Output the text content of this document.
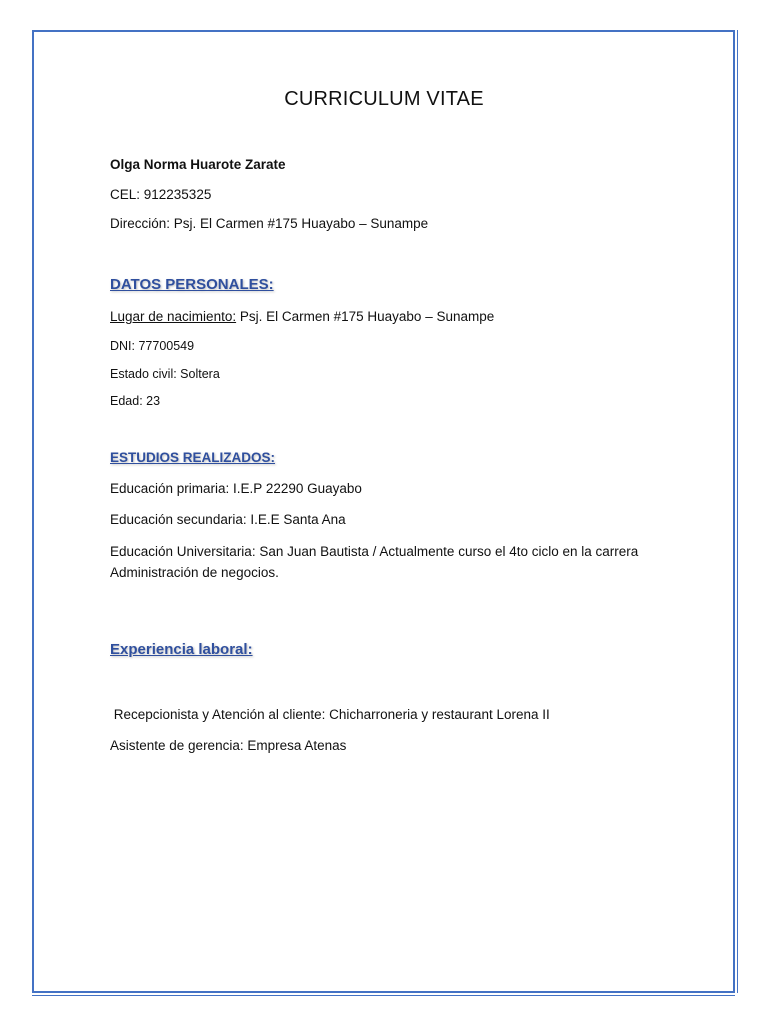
CURRICULUM VITAE
Olga Norma Huarote Zarate
CEL: 912235325
Dirección: Psj. El Carmen #175 Huayabo – Sunampe
DATOS PERSONALES:
Lugar de nacimiento: Psj. El Carmen #175 Huayabo – Sunampe
DNI: 77700549
Estado civil: Soltera
Edad: 23
ESTUDIOS REALIZADOS:
Educación primaria: I.E.P 22290 Guayabo
Educación secundaria: I.E.E Santa Ana
Educación Universitaria: San Juan Bautista / Actualmente curso el 4to ciclo en la carrera Administración de negocios.
Experiencia laboral:
Recepcionista y Atención al cliente: Chicharroneria y restaurant Lorena II
Asistente de gerencia: Empresa Atenas
